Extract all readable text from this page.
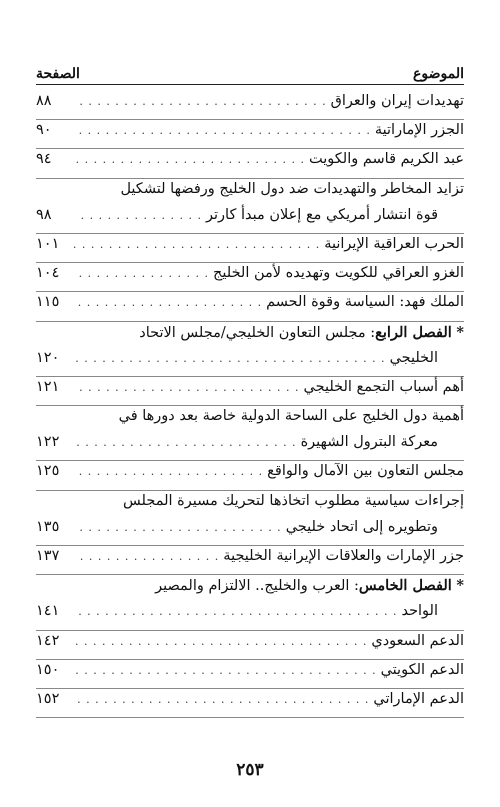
الموضوع
الصفحة
تهديدات إيران والعراق
. . .
٨٨
الجزر الإماراتية
. . .
٩٠
عبد الكريم قاسم والكويت
. . .
٩٤
تزايد المخاطر والتهديدات ضد دول الخليج ورفضها لتشكيل
قوة انتشار أمريكي مع إعلان مبدأ كارتر
. . .
٩٨
الحرب العراقية الإيرانية
. . .
١٠١
الغزو العراقي للكويت وتهديده لأمن الخليج
. . .
١٠٤
الملك فهد: السياسة وقوة الحسم
. . .
١١٥
* الفصل الرابع: مجلس التعاون الخليجي/مجلس الاتحاد
الخليجي
. . .
١٢٠
أهم أسباب التجمع الخليجي
. . .
١٢١
أهمية دول الخليج على الساحة الدولية خاصة بعد دورها في
معركة البترول الشهيرة
. . .
١٢٢
مجلس التعاون بين الآمال والواقع
. . .
١٢٥
إجراءات سياسية مطلوب اتخاذها لتحريك مسيرة المجلس
وتطويره إلى اتحاد خليجي
. . .
١٣٥
جزر الإمارات والعلاقات الإيرانية الخليجية
. . .
١٣٧
* الفصل الخامس: العرب والخليج.. الالتزام والمصير
الواحد
. . .
١٤١
الدعم السعودي
. . .
١٤٢
الدعم الكويتي
. . .
١٥٠
الدعم الإماراتي
. . .
١٥٢
٢٥٣
